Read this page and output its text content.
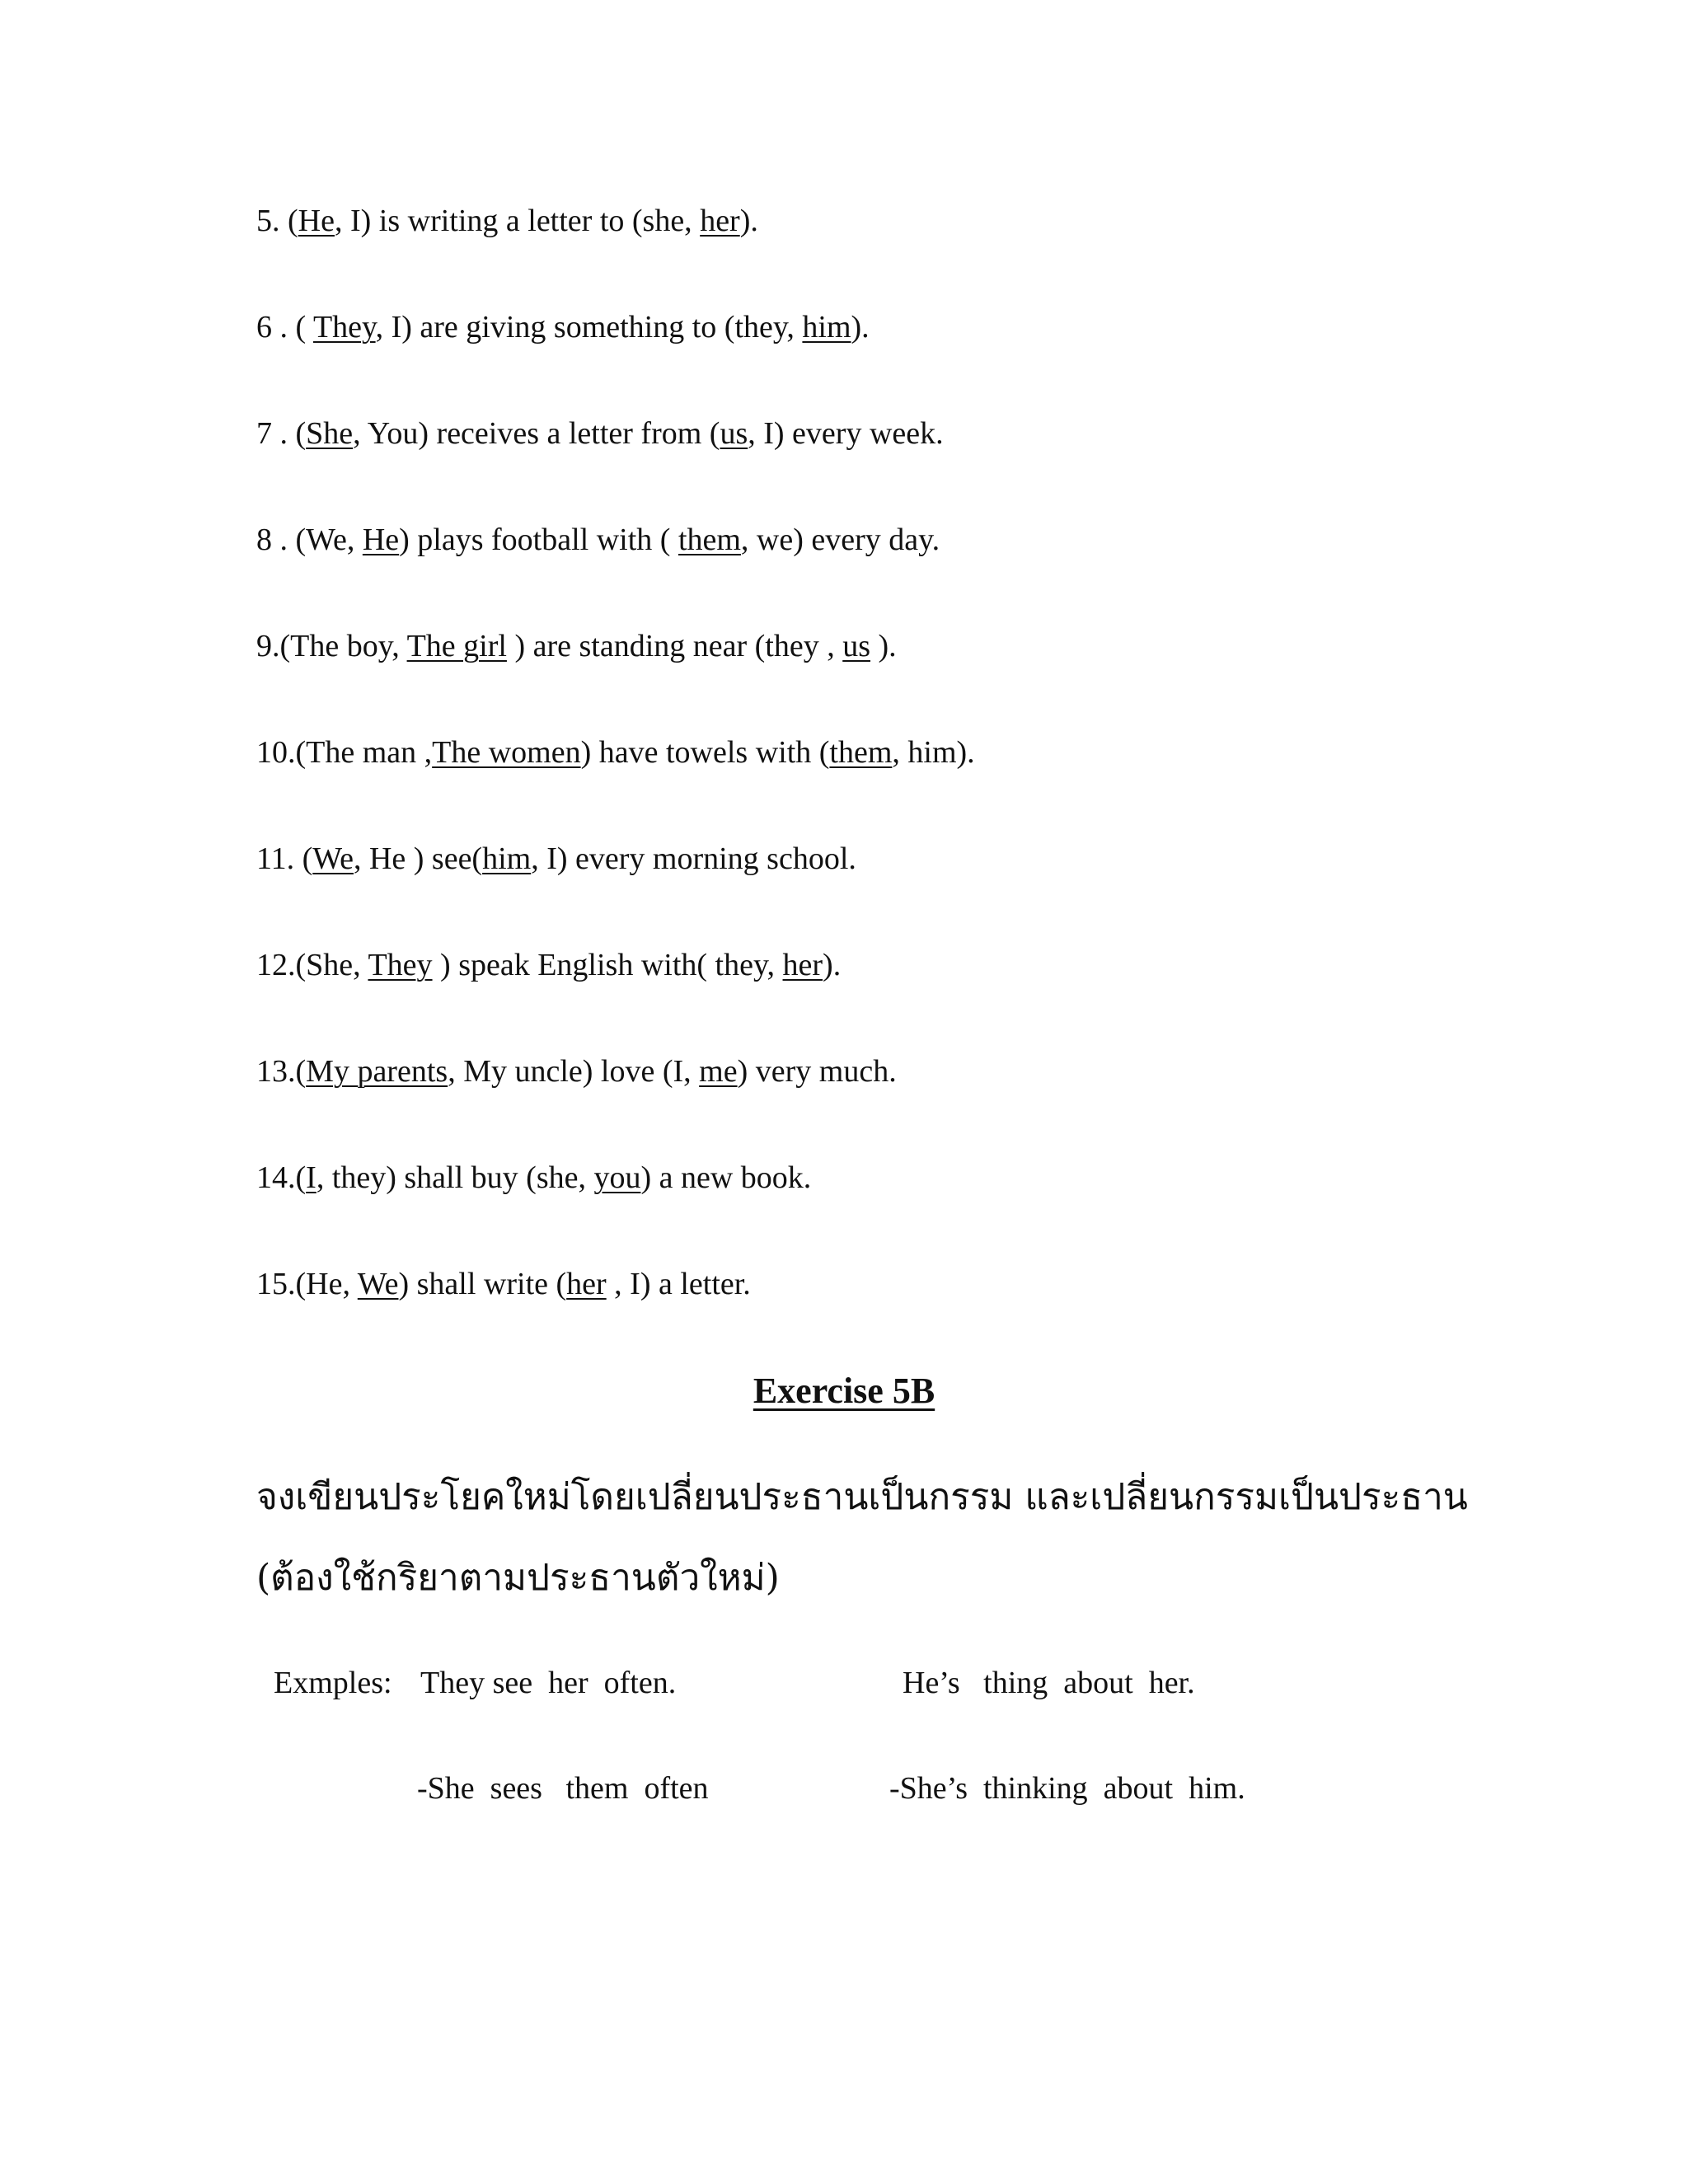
5. (He, I) is writing a letter to (she, her).
6 . ( They, I) are giving something to (they, him).
7 . (She, You) receives a letter from (us, I) every week.
8 . (We, He) plays football with ( them, we) every day.
9.(The boy, The girl ) are standing near (they , us ).
10.(The man ,The women) have towels with (them, him).
11. (We, He ) see(him, I) every morning school.
12.(She, They ) speak English with( they, her).
13.(My parents, My uncle) love (I, me) very much.
14.(I, they) shall buy (she, you) a new book.
15.(He, We) shall write (her , I) a letter.
Exercise 5B
จงเขียนประโยคใหม่โดยเปลี่ยนประธานเป็นกรรม และเปลี่ยนกรรมเป็นประธาน
(ต้องใช้กริยาตามประธานตัวใหม่)
Exmples: They see  her  often.	He’s   thing  about  her.
-She  sees   them  often	-She’s  thinking  about  him.
